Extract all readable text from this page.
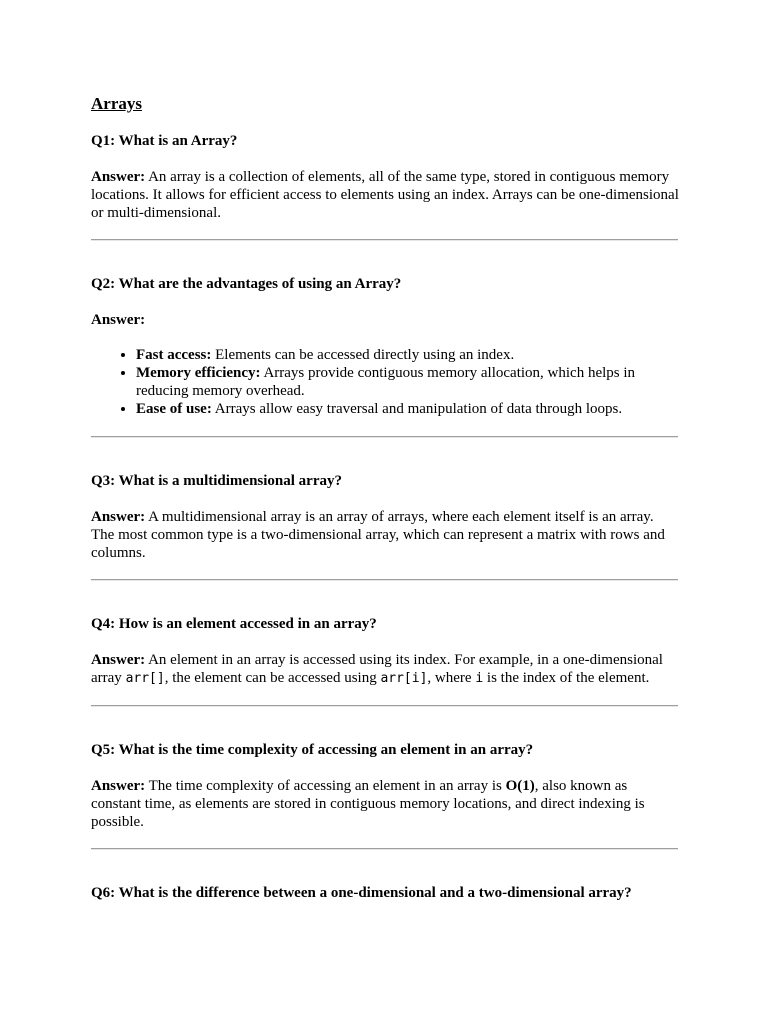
Arrays

Q1: What is an Array?

Answer: An array is a collection of elements, all of the same type, stored in contiguous memory locations. It allows for efficient access to elements using an index. Arrays can be one-dimensional or multi-dimensional.

Q2: What are the advantages of using an Array?

Answer:

• Fast access: Elements can be accessed directly using an index.
• Memory efficiency: Arrays provide contiguous memory allocation, which helps in reducing memory overhead.
• Ease of use: Arrays allow easy traversal and manipulation of data through loops.

Q3: What is a multidimensional array?

Answer: A multidimensional array is an array of arrays, where each element itself is an array. The most common type is a two-dimensional array, which can represent a matrix with rows and columns.

Q4: How is an element accessed in an array?

Answer: An element in an array is accessed using its index. For example, in a one-dimensional array arr[], the element can be accessed using arr[i], where i is the index of the element.

Q5: What is the time complexity of accessing an element in an array?

Answer: The time complexity of accessing an element in an array is O(1), also known as constant time, as elements are stored in contiguous memory locations, and direct indexing is possible.

Q6: What is the difference between a one-dimensional and a two-dimensional array?
